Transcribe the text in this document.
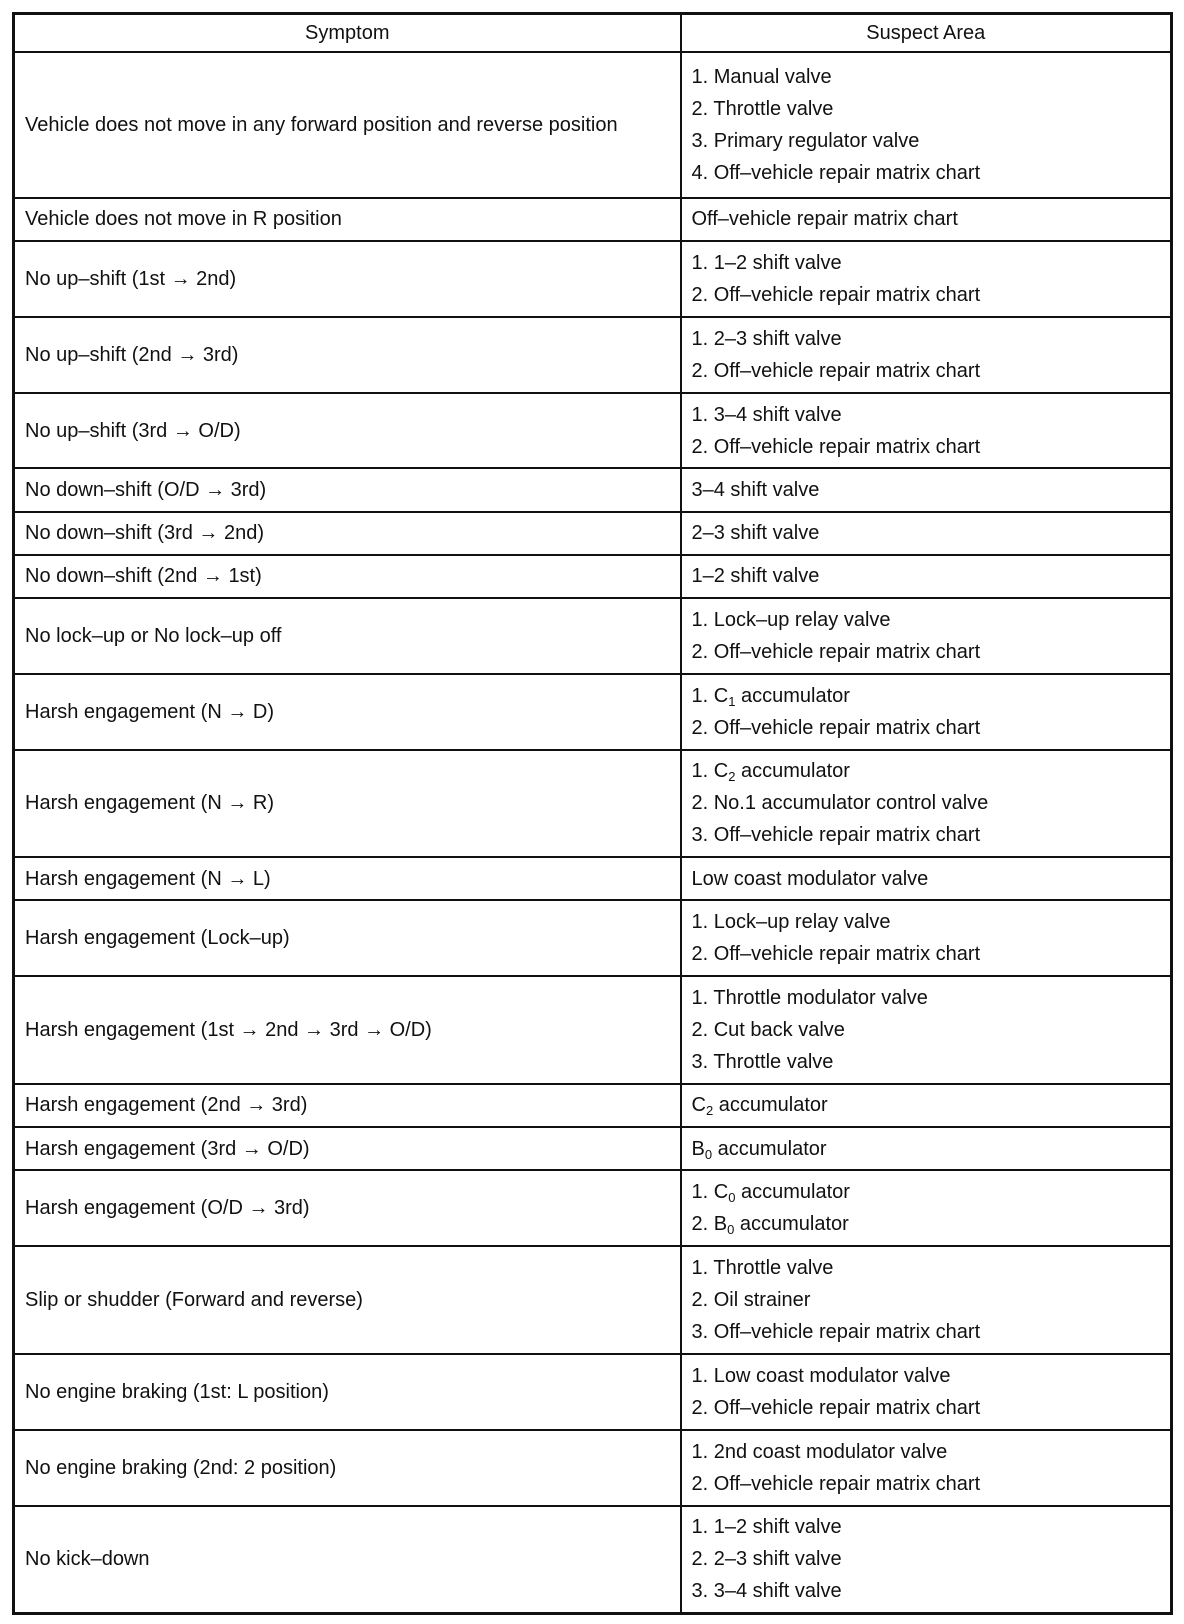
Symptom	Suspect Area

Vehicle does not move in any forward position and reverse position	1. Manual valve
2. Throttle valve
3. Primary regulator valve
4. Off–vehicle repair matrix chart

Vehicle does not move in R position	Off–vehicle repair matrix chart

No up–shift (1st → 2nd)	1. 1–2 shift valve
2. Off–vehicle repair matrix chart

No up–shift (2nd → 3rd)	1. 2–3 shift valve
2. Off–vehicle repair matrix chart

No up–shift (3rd → O/D)	1. 3–4 shift valve
2. Off–vehicle repair matrix chart

No down–shift (O/D → 3rd)	3–4 shift valve

No down–shift (3rd → 2nd)	2–3 shift valve

No down–shift (2nd → 1st)	1–2 shift valve

No lock–up or No lock–up off	1. Lock–up relay valve
2. Off–vehicle repair matrix chart

Harsh engagement (N → D)	1. $C_1$ accumulator
2. Off–vehicle repair matrix chart

Harsh engagement (N → R)	1. $C_2$ accumulator
2. No.1 accumulator control valve
3. Off–vehicle repair matrix chart

Harsh engagement (N → L)	Low coast modulator valve

Harsh engagement (Lock–up)	1. Lock–up relay valve
2. Off–vehicle repair matrix chart

Harsh engagement (1st → 2nd → 3rd → O/D)	1. Throttle modulator valve
2. Cut back valve
3. Throttle valve

Harsh engagement (2nd → 3rd)	$C_2$ accumulator

Harsh engagement (3rd → O/D)	$B_0$ accumulator

Harsh engagement (O/D → 3rd)	1. $C_0$ accumulator
2. $B_0$ accumulator

Slip or shudder (Forward and reverse)	1. Throttle valve
2. Oil strainer
3. Off–vehicle repair matrix chart

No engine braking (1st: L position)	1. Low coast modulator valve
2. Off–vehicle repair matrix chart

No engine braking (2nd: 2 position)	1. 2nd coast modulator valve
2. Off–vehicle repair matrix chart

No kick–down	1. 1–2 shift valve
2. 2–3 shift valve
3. 3–4 shift valve
